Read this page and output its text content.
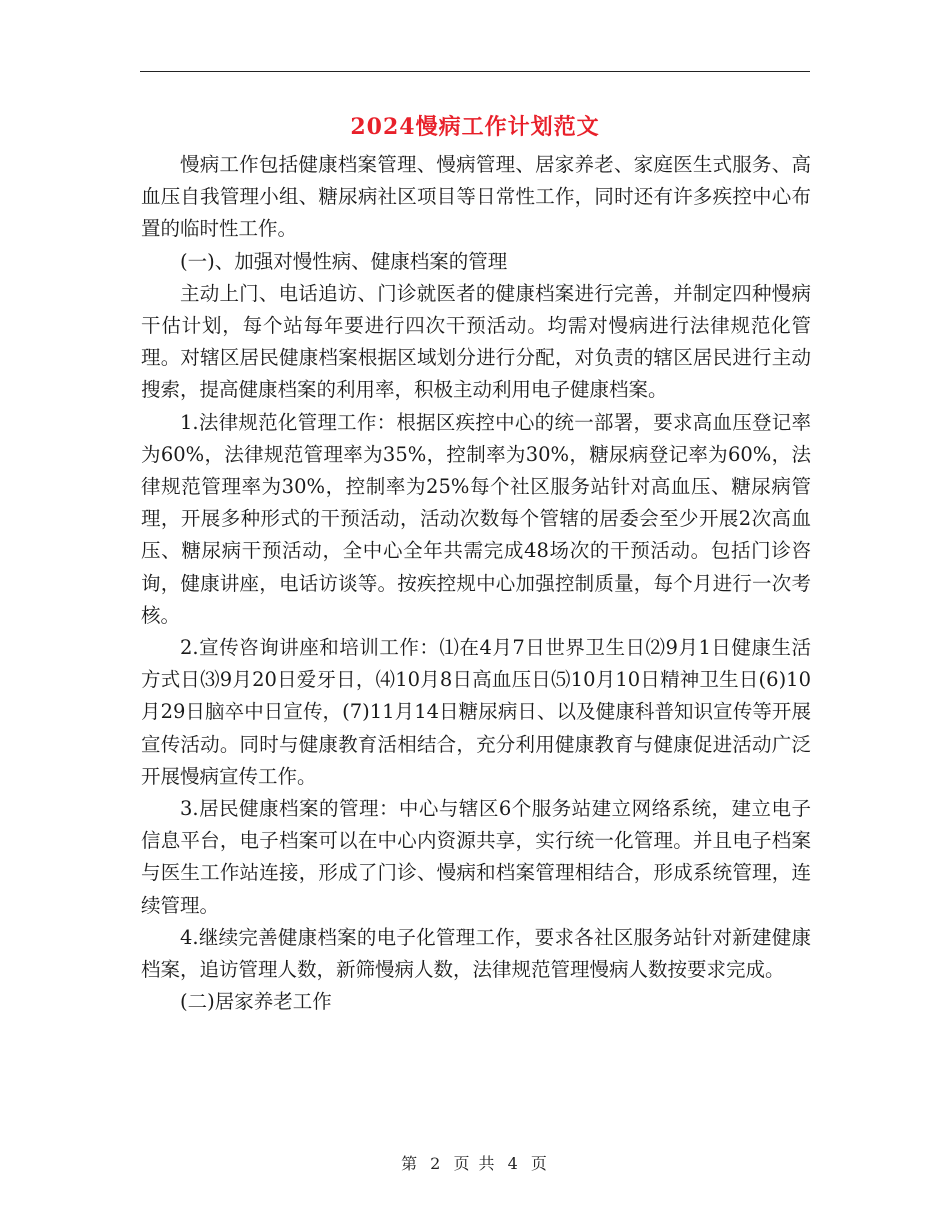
2024慢病工作计划范文

慢病工作包括健康档案管理、慢病管理、居家养老、家庭医生式服务、高血压自我管理小组、糖尿病社区项目等日常性工作，同时还有许多疾控中心布置的临时性工作。

(一)、加强对慢性病、健康档案的管理

主动上门、电话追访、门诊就医者的健康档案进行完善，并制定四种慢病干估计划，每个站每年要进行四次干预活动。均需对慢病进行法律规范化管理。对辖区居民健康档案根据区域划分进行分配，对负责的辖区居民进行主动搜索，提高健康档案的利用率，积极主动利用电子健康档案。

1.法律规范化管理工作：根据区疾控中心的统一部署，要求高血压登记率为60%，法律规范管理率为35%，控制率为30%，糖尿病登记率为60%，法律规范管理率为30%，控制率为25%每个社区服务站针对高血压、糖尿病管理，开展多种形式的干预活动，活动次数每个管辖的居委会至少开展2次高血压、糖尿病干预活动，全中心全年共需完成48场次的干预活动。包括门诊咨询，健康讲座，电话访谈等。按疾控规中心加强控制质量，每个月进行一次考核。

2.宣传咨询讲座和培训工作：⑴在4月7日世界卫生日⑵9月1日健康生活方式日⑶9月20日爱牙日，⑷10月8日高血压日⑸10月10日精神卫生日(6)10月29日脑卒中日宣传，(7)11月14日糖尿病日、以及健康科普知识宣传等开展宣传活动。同时与健康教育活相结合，充分利用健康教育与健康促进活动广泛开展慢病宣传工作。

3.居民健康档案的管理：中心与辖区6个服务站建立网络系统，建立电子信息平台，电子档案可以在中心内资源共享，实行统一化管理。并且电子档案与医生工作站连接，形成了门诊、慢病和档案管理相结合，形成系统管理，连续管理。

4.继续完善健康档案的电子化管理工作，要求各社区服务站针对新建健康档案，追访管理人数，新筛慢病人数，法律规范管理慢病人数按要求完成。

(二)居家养老工作

第 2 页 共 4 页
